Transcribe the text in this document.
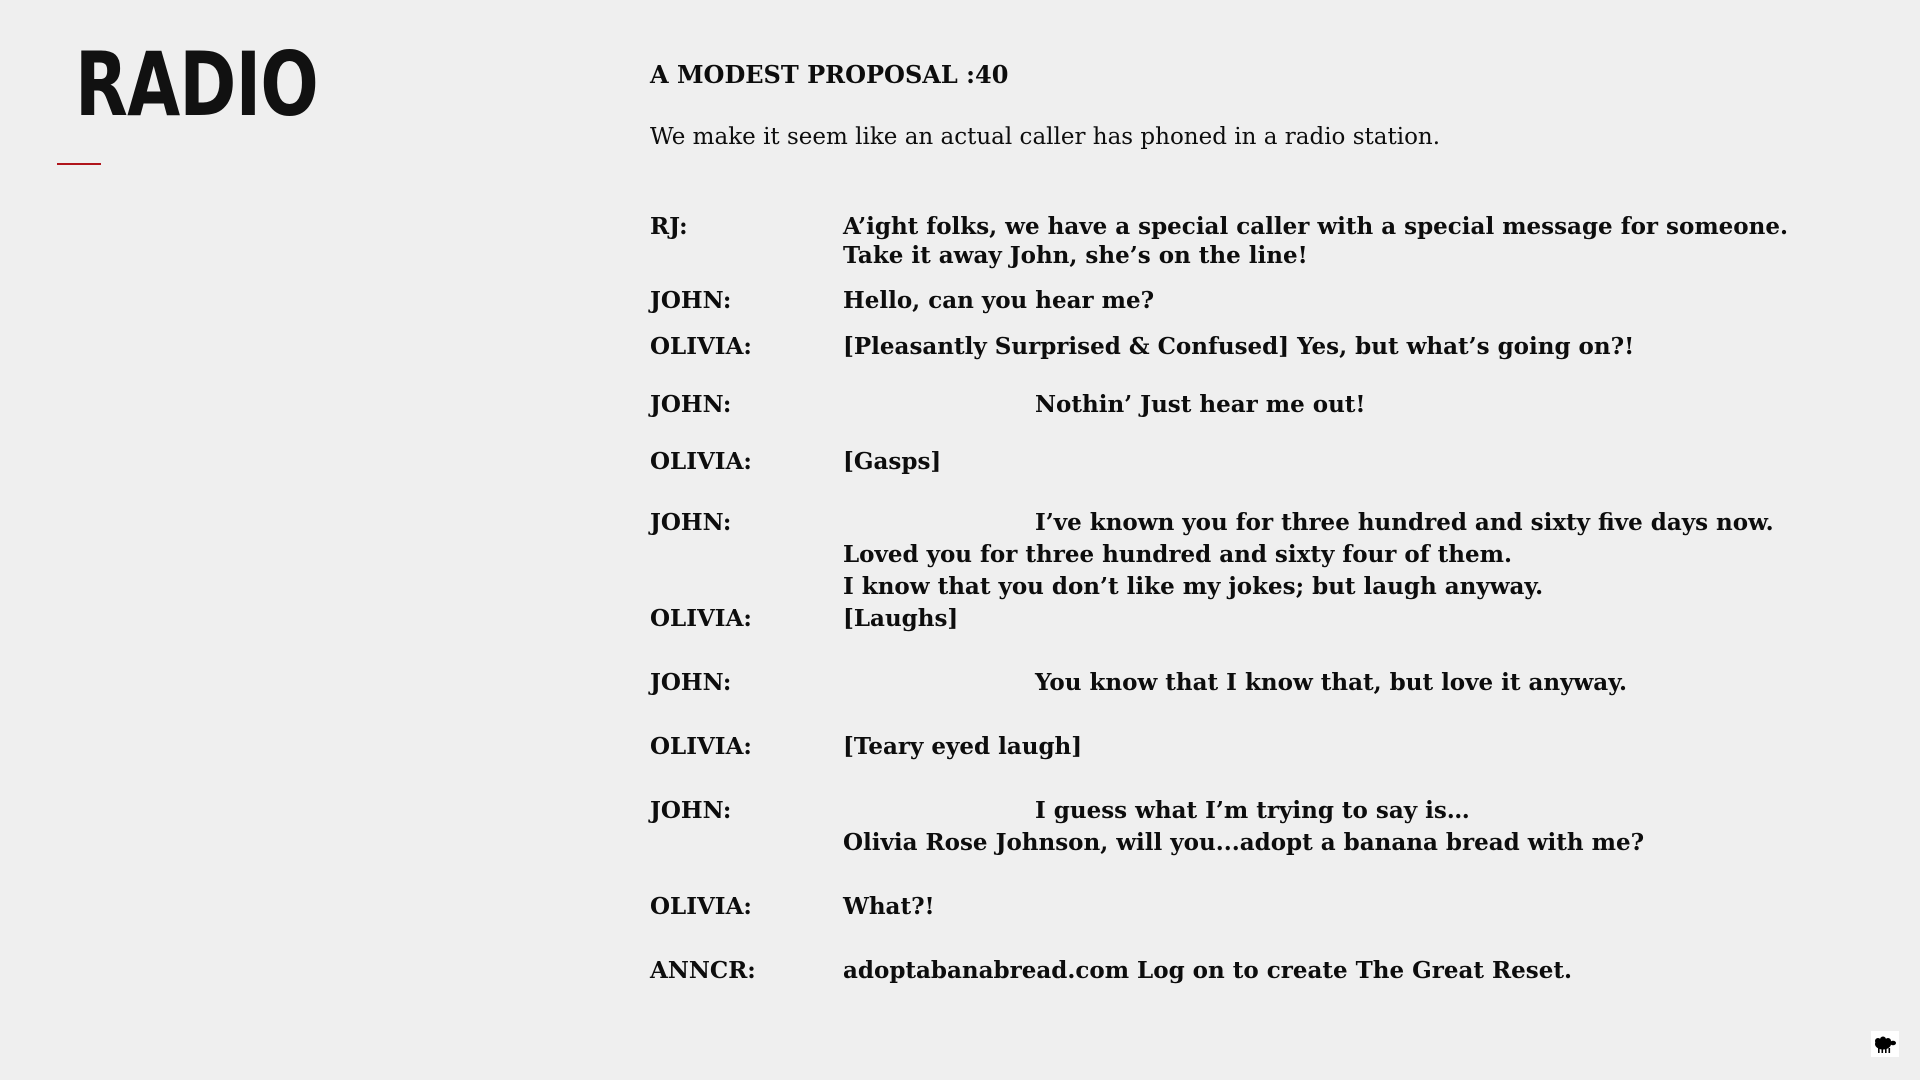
RADIO	A MODEST PROPOSAL :40

We make it seem like an actual caller has phoned in a radio station.

RJ:	A’ight folks, we have a special caller with a special message for someone.
Take it away John, she’s on the line!
JOHN:	Hello, can you hear me?
OLIVIA:	[Pleasantly Surprised & Confused] Yes, but what’s going on?!
JOHN:	Nothin’ Just hear me out!
OLIVIA:	[Gasps]
JOHN:	I’ve known you for three hundred and sixty five days now.
Loved you for three hundred and sixty four of them.
I know that you don’t like my jokes; but laugh anyway.
OLIVIA:	[Laughs]
JOHN:	You know that I know that, but love it anyway.
OLIVIA:	[Teary eyed laugh]
JOHN:	I guess what I’m trying to say is…
Olivia Rose Johnson, will you...adopt a banana bread with me?
OLIVIA:	What?!
ANNCR:	adoptabanabread.com Log on to create The Great Reset.
